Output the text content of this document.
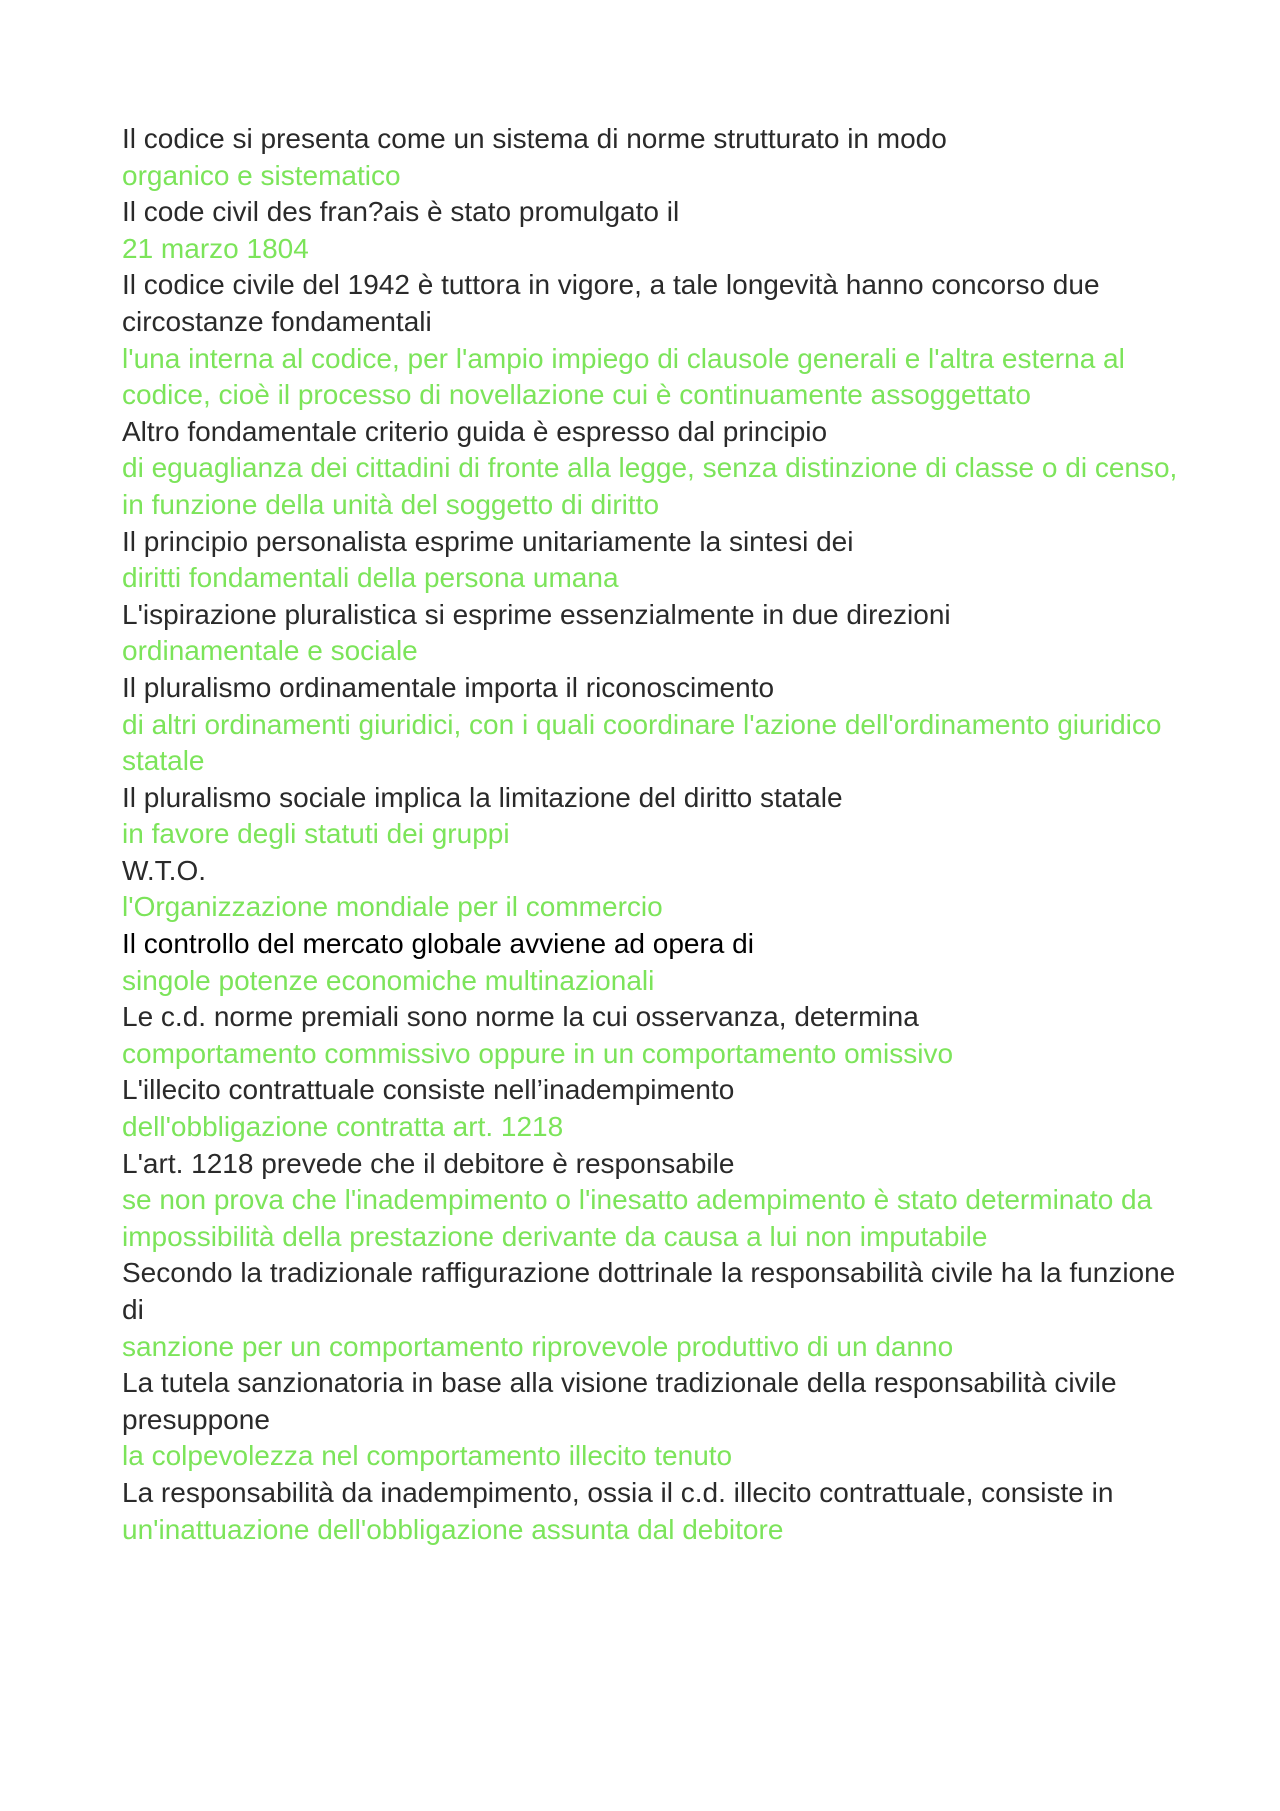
Il codice si presenta come un sistema di norme strutturato in modo
organico e sistematico
Il code civil des fran?ais è stato promulgato il
21 marzo 1804
Il codice civile del 1942 è tuttora in vigore, a tale longevità hanno concorso due circostanze fondamentali
l'una interna al codice, per l'ampio impiego di clausole generali e l'altra esterna al codice, cioè il processo di novellazione cui è continuamente assoggettato
Altro fondamentale criterio guida è espresso dal principio
di eguaglianza dei cittadini di fronte alla legge, senza distinzione di classe o di censo, in funzione della unità del soggetto di diritto
Il principio personalista esprime unitariamente la sintesi dei
diritti fondamentali della persona umana
L'ispirazione pluralistica si esprime essenzialmente in due direzioni
ordinamentale e sociale
Il pluralismo ordinamentale importa il riconoscimento
di altri ordinamenti giuridici, con i quali coordinare l'azione dell'ordinamento giuridico statale
Il pluralismo sociale implica la limitazione del diritto statale
in favore degli statuti dei gruppi
W.T.O.
l'Organizzazione mondiale per il commercio
Il controllo del mercato globale avviene ad opera di
singole potenze economiche multinazionali
Le c.d. norme premiali sono norme la cui osservanza, determina
comportamento commissivo oppure in un comportamento omissivo
L'illecito contrattuale consiste nell’inadempimento
dell'obbligazione contratta art. 1218
L'art. 1218 prevede che il debitore è responsabile
se non prova che l'inadempimento o l'inesatto adempimento è stato determinato da impossibilità della prestazione derivante da causa a lui non imputabile
Secondo la tradizionale raffigurazione dottrinale la responsabilità civile ha la funzione di
sanzione per un comportamento riprovevole produttivo di un danno
La tutela sanzionatoria in base alla visione tradizionale della responsabilità civile presuppone
la colpevolezza nel comportamento illecito tenuto
La responsabilità da inadempimento, ossia il c.d. illecito contrattuale, consiste in
un'inattuazione dell'obbligazione assunta dal debitore
